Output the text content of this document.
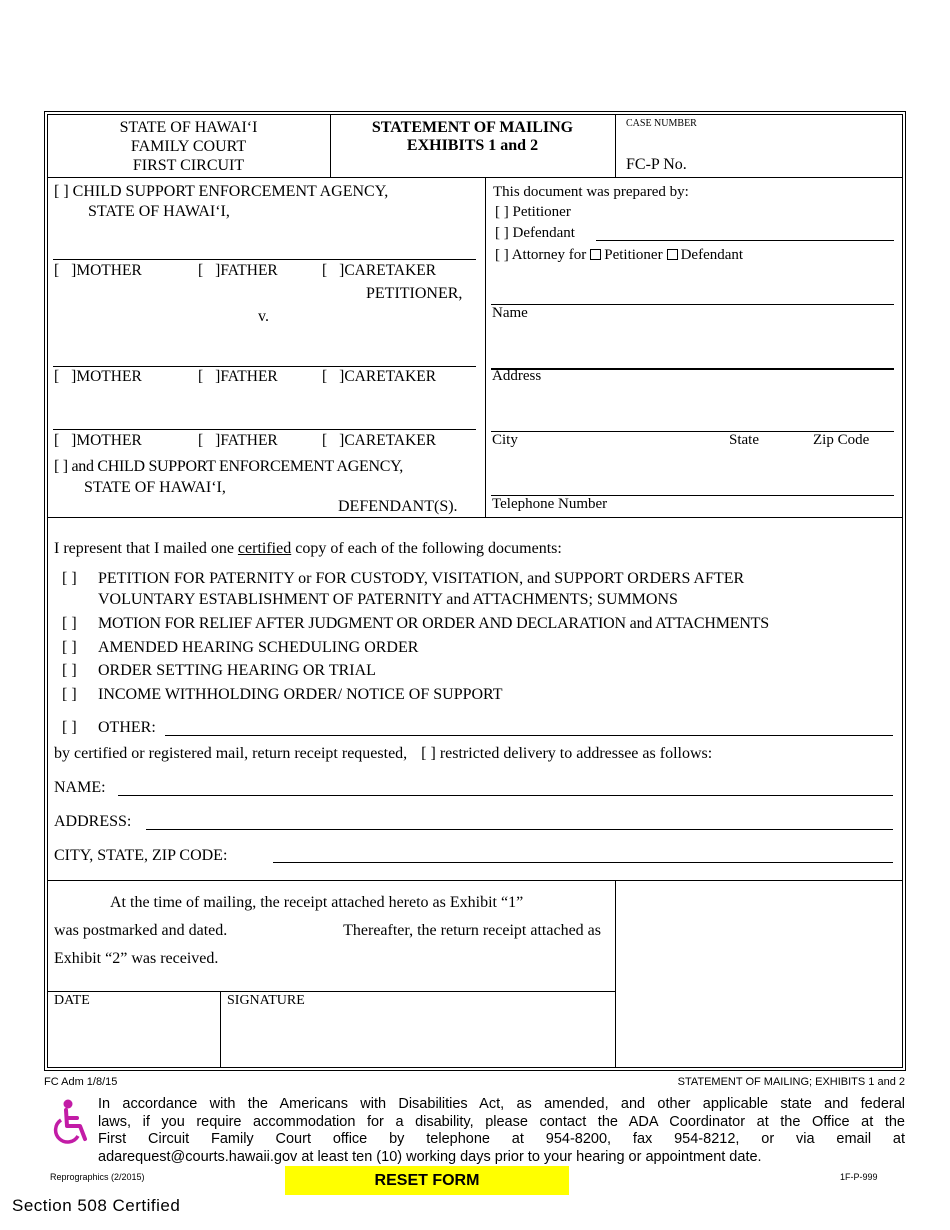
STATE OF HAWAI‘I
FAMILY COURT
FIRST CIRCUIT
STATEMENT OF MAILING
EXHIBITS 1 and 2
CASE NUMBER
FC-P No.
[ ] CHILD SUPPORT ENFORCEMENT AGENCY,
STATE OF HAWAI‘I,
[ ]MOTHER	[ ]FATHER	[ ]CARETAKER
PETITIONER,
v.
[ ]MOTHER	[ ]FATHER	[ ]CARETAKER
[ ]MOTHER	[ ]FATHER	[ ]CARETAKER
[ ] and CHILD SUPPORT ENFORCEMENT AGENCY,
STATE OF HAWAI‘I,
DEFENDANT(S).
This document was prepared by:
[ ] Petitioner
[ ] Defendant
[ ] Attorney for Petitioner Defendant
Name
Address
City	State	Zip Code
Telephone Number
I represent that I mailed one certified copy of each of the following documents:
[ ] PETITION FOR PATERNITY or FOR CUSTODY, VISITATION, and SUPPORT ORDERS AFTER
VOLUNTARY ESTABLISHMENT OF PATERNITY and ATTACHMENTS; SUMMONS
[ ] MOTION FOR RELIEF AFTER JUDGMENT OR ORDER AND DECLARATION and ATTACHMENTS
[ ] AMENDED HEARING SCHEDULING ORDER
[ ] ORDER SETTING HEARING OR TRIAL
[ ] INCOME WITHHOLDING ORDER/ NOTICE OF SUPPORT
[ ] OTHER:
by certified or registered mail, return receipt requested, [ ] restricted delivery to addressee as follows:
NAME:
ADDRESS:
CITY, STATE, ZIP CODE:
At the time of mailing, the receipt attached hereto as Exhibit “1”
was postmarked and dated.	Thereafter, the return receipt attached as
Exhibit “2” was received.
DATE	SIGNATURE
FC Adm 1/8/15	STATEMENT OF MAILING; EXHIBITS 1 and 2
In accordance with the Americans with Disabilities Act, as amended, and other applicable state and federal
laws, if you require accommodation for a disability, please contact the ADA Coordinator at the Office at the
First Circuit Family Court office by telephone at 954-8200, fax 954-8212, or via email at
adarequest@courts.hawaii.gov at least ten (10) working days prior to your hearing or appointment date.
Reprographics (2/2015)	RESET FORM	1F-P-999
Section 508 Certified
